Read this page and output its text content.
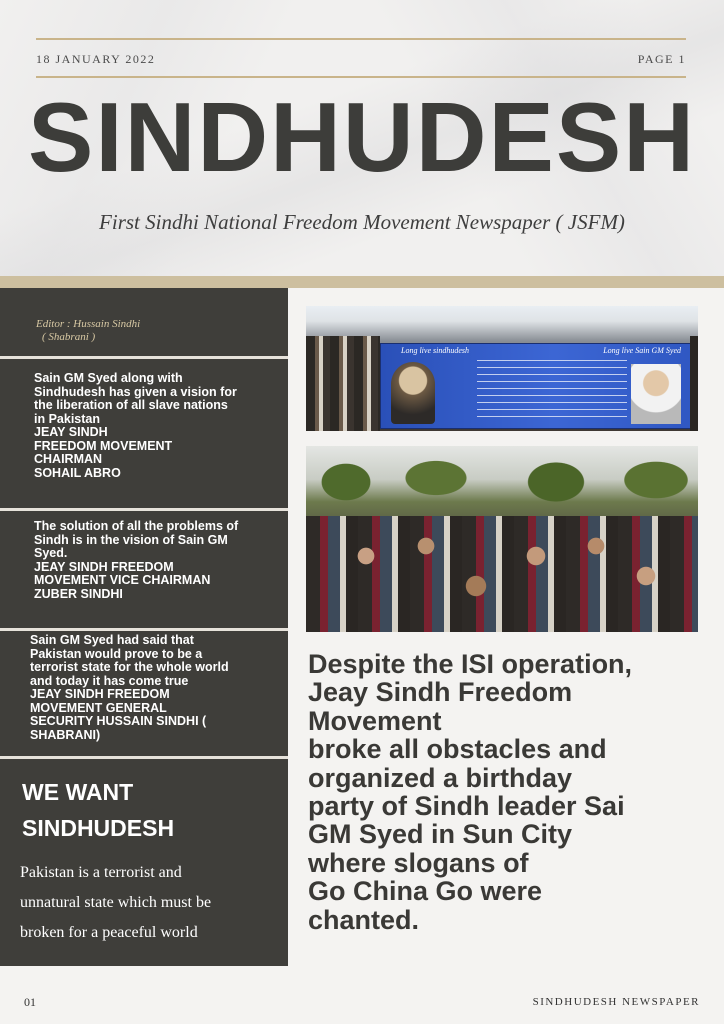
18 JANUARY 2022	PAGE 1
SINDHUDESH
First Sindhi National Freedom Movement Newspaper ( JSFM)
Editor : Hussain Sindhi
( Shabrani )
Sain GM Syed along with
Sindhudesh has given a vision for
the liberation of all slave nations
in Pakistan
JEAY SINDH
FREEDOM MOVEMENT
CHAIRMAN
SOHAIL ABRO
The solution of all the problems of
Sindh is in the vision of Sain GM
Syed.
JEAY SINDH FREEDOM
MOVEMENT VICE CHAIRMAN
ZUBER SINDHI
Sain GM Syed had said that
Pakistan would prove to be a
terrorist state for the whole world
and today it has come true
JEAY SINDH FREEDOM
MOVEMENT GENERAL
SECURITY HUSSAIN SINDHI (
SHABRANI)
WE WANT
SINDHUDESH
Pakistan is a terrorist and
unnatural state which must be
broken for a peaceful world
Long live sindhudesh	Long live Sain GM Syed
Despite the ISI operation,
Jeay Sindh Freedom
Movement
broke all obstacles and
organized a birthday
party of Sindh leader Sai
GM Syed in Sun City
where slogans of
Go China Go were
chanted.
01	SINDHUDESH NEWSPAPER
